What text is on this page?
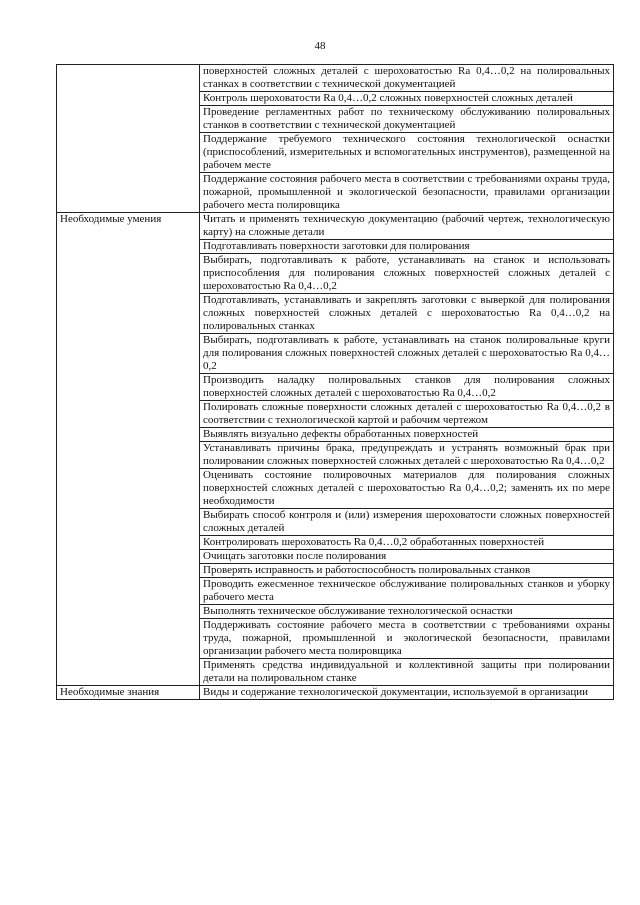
48
	поверхностей сложных деталей с шероховатостью Ra 0,4…0,2 на полировальных станках в соответствии с технической документацией
	Контроль шероховатости Ra 0,4…0,2 сложных поверхностей сложных деталей
	Проведение регламентных работ по техническому обслуживанию полировальных станков в соответствии с технической документацией
	Поддержание требуемого технического состояния технологической оснастки (приспособлений, измерительных и вспомогательных инструментов), размещенной на рабочем месте
	Поддержание состояния рабочего места в соответствии с требованиями охраны труда, пожарной, промышленной и экологической безопасности, правилами организации рабочего места полировщика
Необходимые умения	Читать и применять техническую документацию (рабочий чертеж, технологическую карту) на сложные детали
	Подготавливать поверхности заготовки для полирования
	Выбирать, подготавливать к работе, устанавливать на станок и использовать приспособления для полирования сложных поверхностей сложных деталей с шероховатостью Ra 0,4…0,2
	Подготавливать, устанавливать и закреплять заготовки с выверкой для полирования сложных поверхностей сложных деталей с шероховатостью Ra 0,4…0,2 на полировальных станках
	Выбирать, подготавливать к работе, устанавливать на станок полировальные круги для полирования сложных поверхностей сложных деталей с шероховатостью Ra 0,4…0,2
	Производить наладку полировальных станков для полирования сложных поверхностей сложных деталей с шероховатостью Ra 0,4…0,2
	Полировать сложные поверхности сложных деталей с шероховатостью Ra 0,4…0,2 в соответствии с технологической картой и рабочим чертежом
	Выявлять визуально дефекты обработанных поверхностей
	Устанавливать причины брака, предупреждать и устранять возможный брак при полировании сложных поверхностей сложных деталей с шероховатостью Ra 0,4…0,2
	Оценивать состояние полировочных материалов для полирования сложных поверхностей сложных деталей с шероховатостью Ra 0,4…0,2; заменять их по мере необходимости
	Выбирать способ контроля и (или) измерения шероховатости сложных поверхностей сложных деталей
	Контролировать шероховатость Ra 0,4…0,2 обработанных поверхностей
	Очищать заготовки после полирования
	Проверять исправность и работоспособность полировальных станков
	Проводить ежесменное техническое обслуживание полировальных станков и уборку рабочего места
	Выполнять техническое обслуживание технологической оснастки
	Поддерживать состояние рабочего места в соответствии с требованиями охраны труда, пожарной, промышленной и экологической безопасности, правилами организации рабочего места полировщика
	Применять средства индивидуальной и коллективной защиты при полировании детали на полировальном станке
Необходимые знания	Виды и содержание технологической документации, используемой в организации
